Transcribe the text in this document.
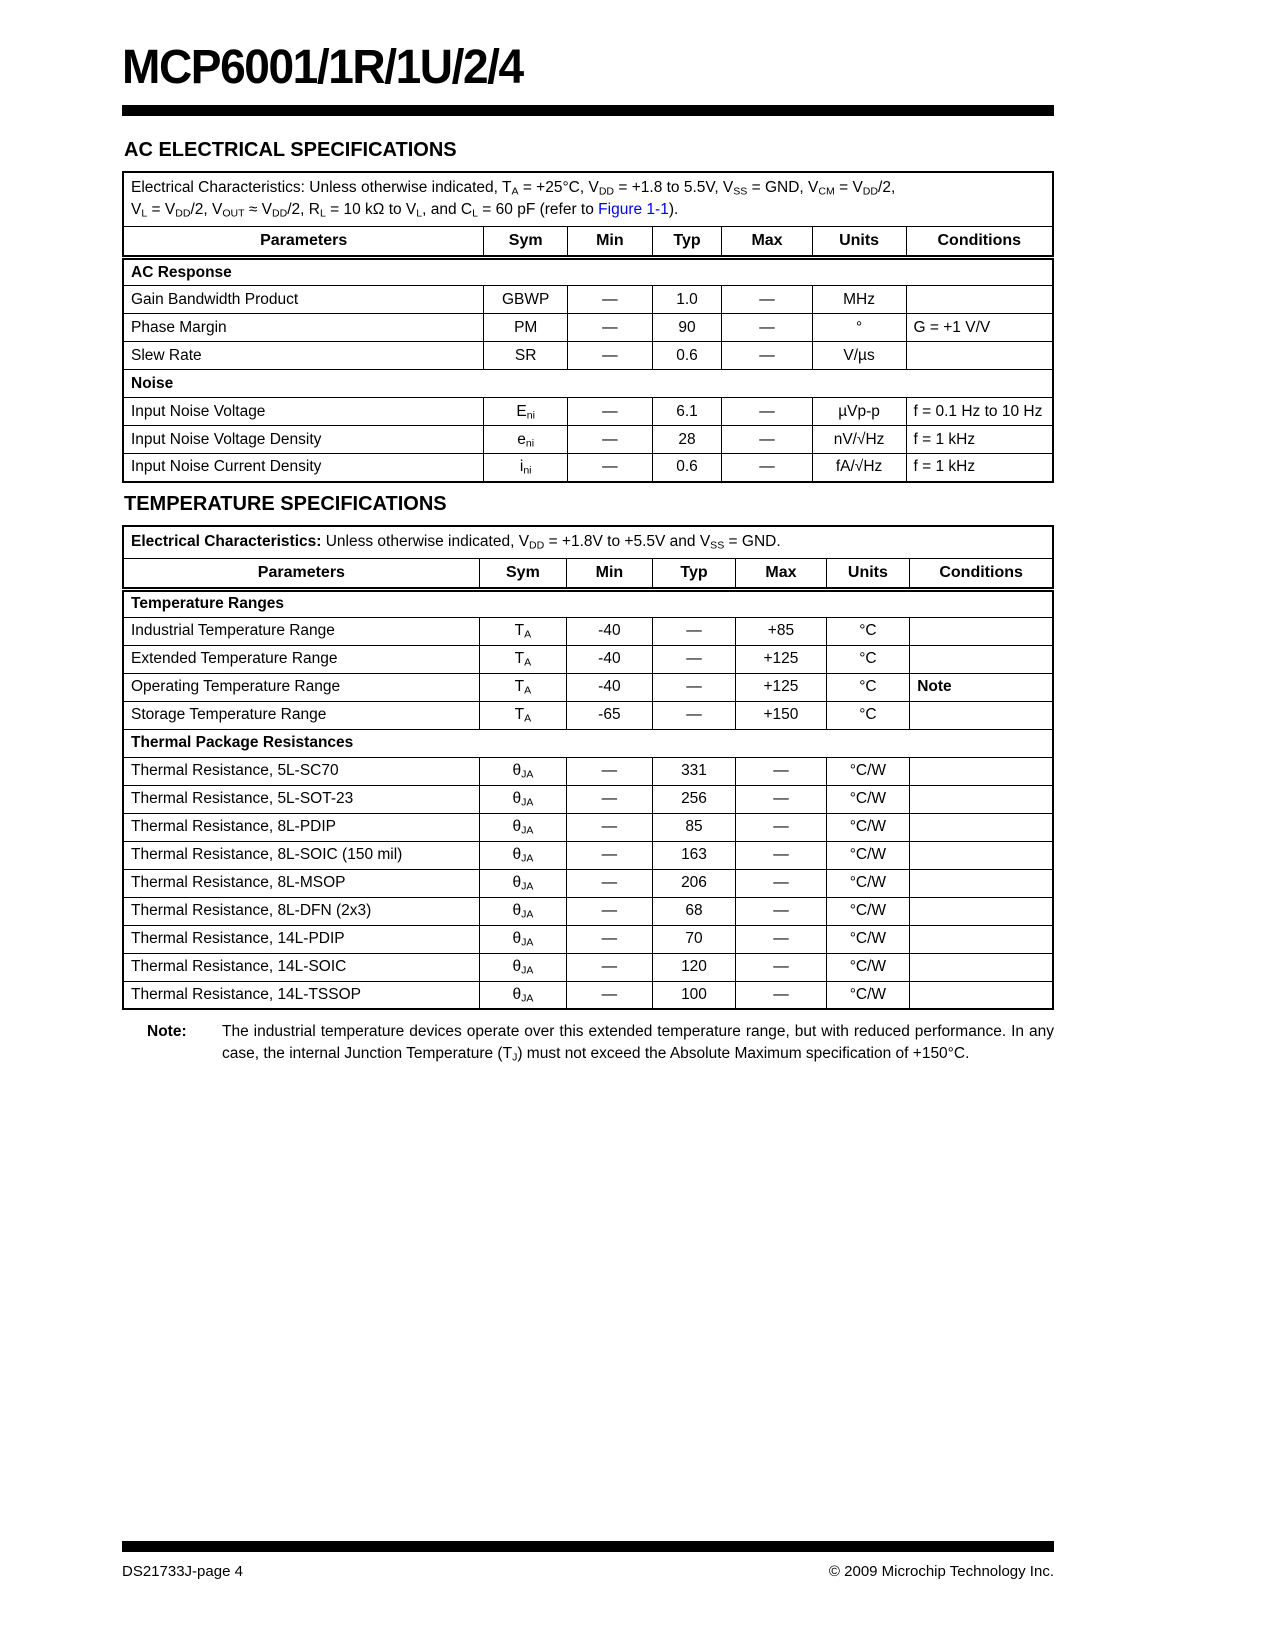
MCP6001/1R/1U/2/4
AC ELECTRICAL SPECIFICATIONS
Electrical Characteristics: Unless otherwise indicated, $T_A = +25^\circ C$, $V_{DD} = +1.8$ to 5.5V, $V_{SS}$ = GND, $V_{CM} = V_{DD}/2$,
$V_L = V_{DD}/2$, $V_{OUT} \approx V_{DD}/2$, $R_L = 10$ kΩ to $V_L$, and $C_L = 60$ pF (refer to Figure 1-1).						
Parameters	Sym	Min	Typ	Max	Units	Conditions
AC Response						
Gain Bandwidth Product	GBWP	—	1.0	—	MHz	
Phase Margin	PM	—	90	—	°	G = +1 V/V
Slew Rate	SR	—	0.6	—	V/µs	
Noise						
Input Noise Voltage	$E_{ni}$	—	6.1	—	µVp-p	f = 0.1 Hz to 10 Hz
Input Noise Voltage Density	$e_{ni}$	—	28	—	nV/√Hz	f = 1 kHz
Input Noise Current Density	$i_{ni}$	—	0.6	—	fA/√Hz	f = 1 kHz
TEMPERATURE SPECIFICATIONS
Electrical Characteristics: Unless otherwise indicated, $V_{DD} = +1.8V$ to +5.5V and $V_{SS}$ = GND.						
Parameters	Sym	Min	Typ	Max	Units	Conditions
Temperature Ranges						
Industrial Temperature Range	$T_A$	-40	—	+85	°C	
Extended Temperature Range	$T_A$	-40	—	+125	°C	
Operating Temperature Range	$T_A$	-40	—	+125	°C	Note
Storage Temperature Range	$T_A$	-65	—	+150	°C	
Thermal Package Resistances						
Thermal Resistance, 5L-SC70	$\theta_{JA}$	—	331	—	°C/W	
Thermal Resistance, 5L-SOT-23	$\theta_{JA}$	—	256	—	°C/W	
Thermal Resistance, 8L-PDIP	$\theta_{JA}$	—	85	—	°C/W	
Thermal Resistance, 8L-SOIC (150 mil)	$\theta_{JA}$	—	163	—	°C/W	
Thermal Resistance, 8L-MSOP	$\theta_{JA}$	—	206	—	°C/W	
Thermal Resistance, 8L-DFN (2x3)	$\theta_{JA}$	—	68	—	°C/W	
Thermal Resistance, 14L-PDIP	$\theta_{JA}$	—	70	—	°C/W	
Thermal Resistance, 14L-SOIC	$\theta_{JA}$	—	120	—	°C/W	
Thermal Resistance, 14L-TSSOP	$\theta_{JA}$	—	100	—	°C/W	
Note:	The industrial temperature devices operate over this extended temperature range, but with reduced performance. In any case, the internal Junction Temperature $(T_J)$ must not exceed the Absolute Maximum specification of +150°C.
DS21733J-page 4	© 2009 Microchip Technology Inc.
